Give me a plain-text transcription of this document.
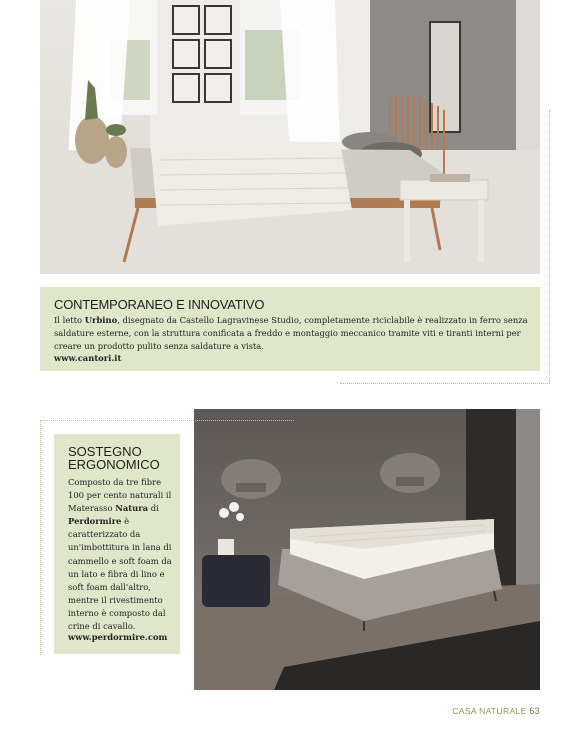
CONTEMPORANEO E INNOVATIVO
Il letto Urbino, disegnato da Castello Lagravinese Studio, completamente riciclabile è realizzato in ferro senza saldature esterne, con la struttura conificata a freddo e montaggio meccanico tramite viti e tiranti interni per creare un prodotto pulito senza saldature a vista.
www.cantori.it
SOSTEGNO
ERGONOMICO
Composto da tre fibre 100 per cento naturali il Materasso Natura di Perdormire è caratterizzato da un'imbottitura in lana di cammello e soft foam da un lato e fibra di lino e soft foam dall'altro, mentre il rivestimento interno è composto dal crine di cavallo.
www.perdormire.com
CASA NATURALE 63
